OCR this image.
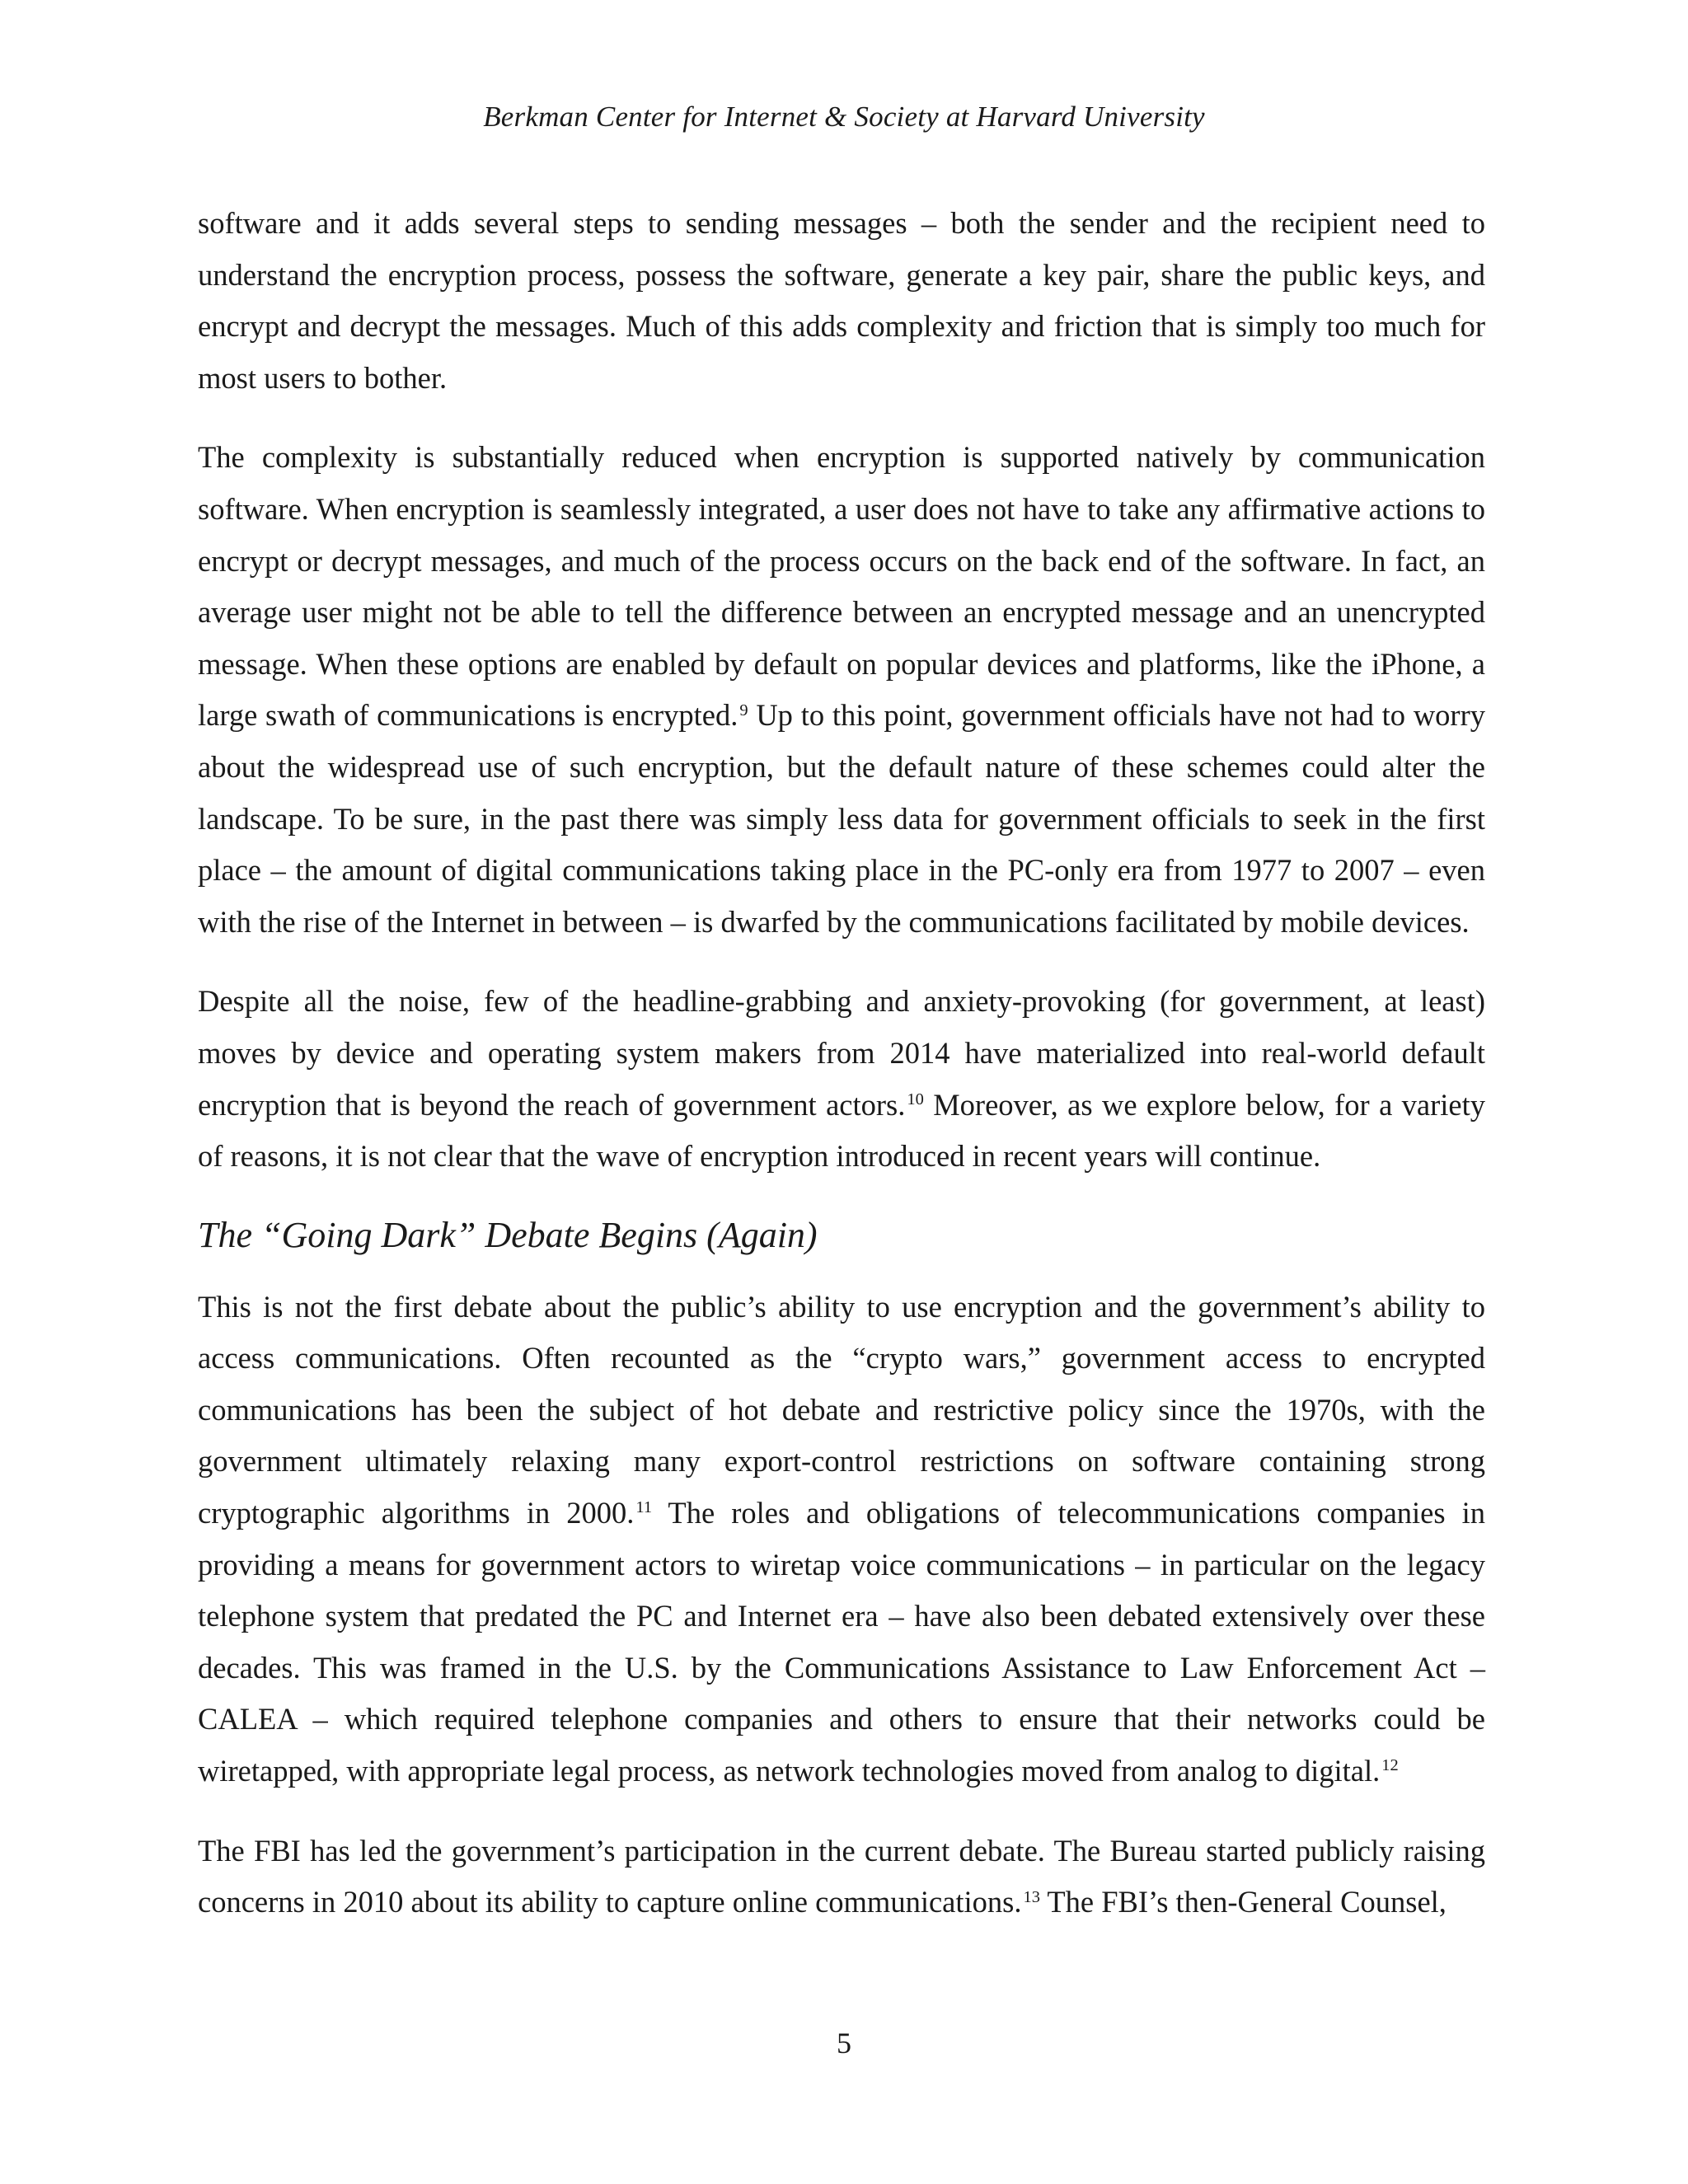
Berkman Center for Internet & Society at Harvard University

software and it adds several steps to sending messages – both the sender and the recipient need to understand the encryption process, possess the software, generate a key pair, share the public keys, and encrypt and decrypt the messages. Much of this adds complexity and friction that is simply too much for most users to bother.

The complexity is substantially reduced when encryption is supported natively by communication software. When encryption is seamlessly integrated, a user does not have to take any affirmative actions to encrypt or decrypt messages, and much of the process occurs on the back end of the software. In fact, an average user might not be able to tell the difference between an encrypted message and an unencrypted message. When these options are enabled by default on popular devices and platforms, like the iPhone, a large swath of communications is encrypted.$^9$ Up to this point, government officials have not had to worry about the widespread use of such encryption, but the default nature of these schemes could alter the landscape. To be sure, in the past there was simply less data for government officials to seek in the first place – the amount of digital communications taking place in the PC-only era from 1977 to 2007 – even with the rise of the Internet in between – is dwarfed by the communications facilitated by mobile devices.

Despite all the noise, few of the headline-grabbing and anxiety-provoking (for government, at least) moves by device and operating system makers from 2014 have materialized into real-world default encryption that is beyond the reach of government actors.$^{10}$ Moreover, as we explore below, for a variety of reasons, it is not clear that the wave of encryption introduced in recent years will continue.

The “Going Dark” Debate Begins (Again)

This is not the first debate about the public’s ability to use encryption and the government’s ability to access communications. Often recounted as the “crypto wars,” government access to encrypted communications has been the subject of hot debate and restrictive policy since the 1970s, with the government ultimately relaxing many export-control restrictions on software containing strong cryptographic algorithms in 2000.11 The roles and obligations of telecommunications companies in providing a means for government actors to wiretap voice communications – in particular on the legacy telephone system that predated the PC and Internet era – have also been debated extensively over these decades. This was framed in the U.S. by the Communications Assistance to Law Enforcement Act – CALEA – which required telephone companies and others to ensure that their networks could be wiretapped, with appropriate legal process, as network technologies moved from analog to digital.$^{12}$

The FBI has led the government’s participation in the current debate. The Bureau started publicly raising concerns in 2010 about its ability to capture online communications.$^{13}$ The FBI’s then-General Counsel,

5
